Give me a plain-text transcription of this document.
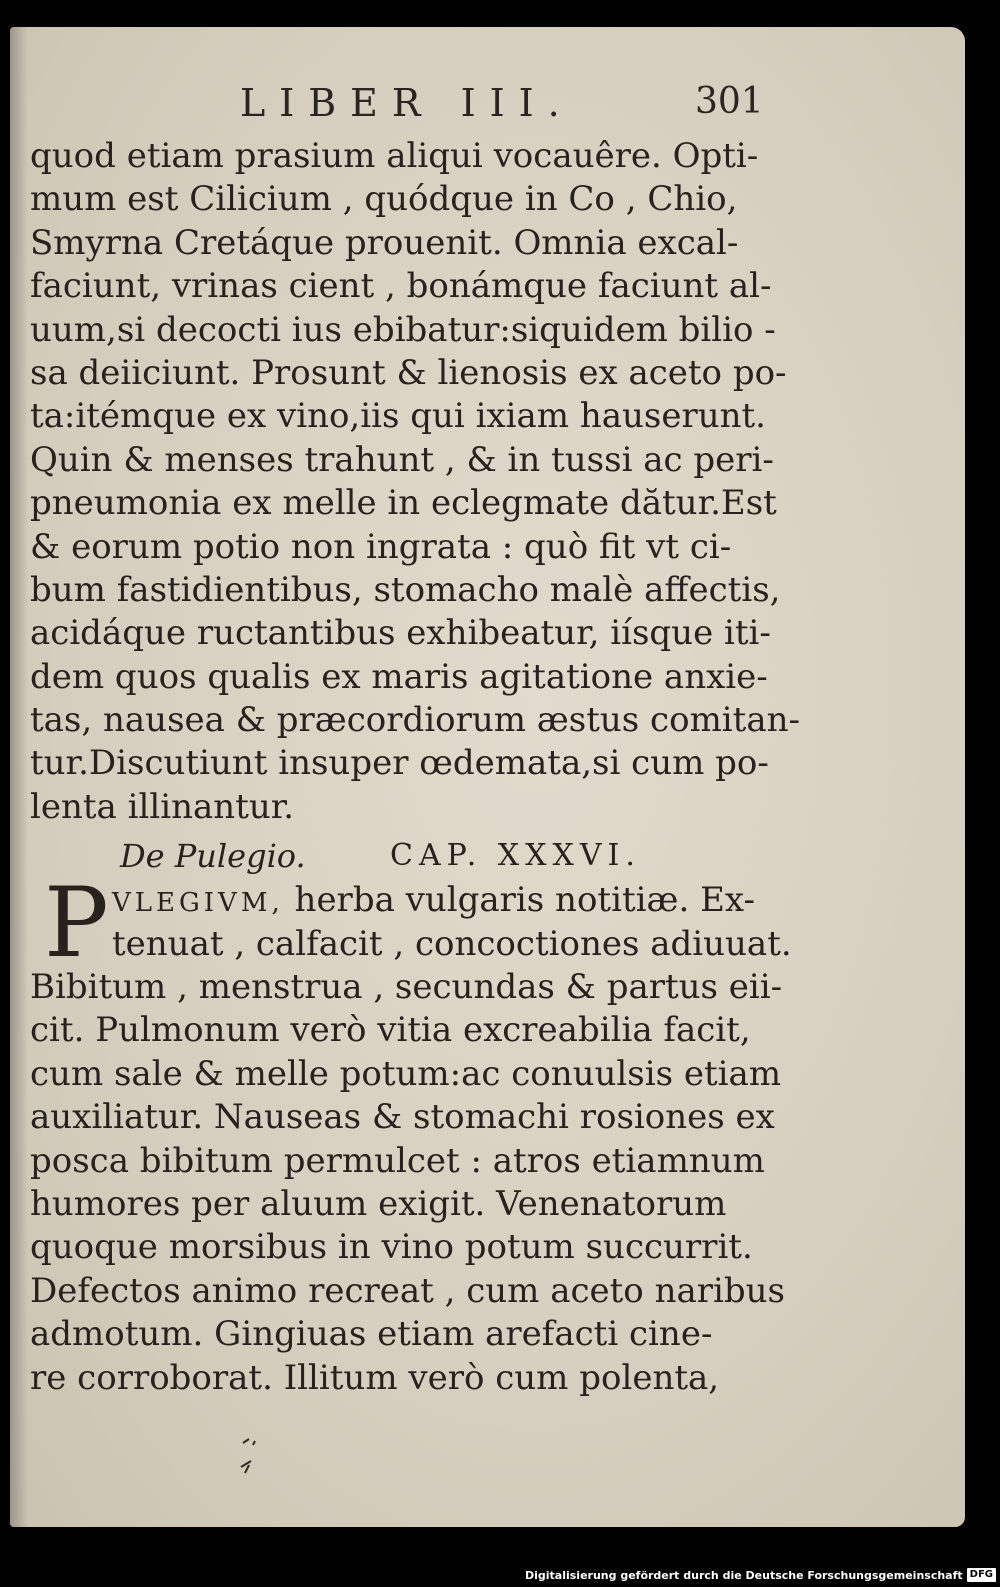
LIBER III.	301
quod etiam prasium aliqui vocauêre. Opti-
mum est Cilicium , quódque in Co , Chio,
Smyrna Cretáque prouenit. Omnia excal-
faciunt, vrinas cient , bonámque faciunt al-
uum,si decocti ius ebibatur:siquidem bilio -
sa deiiciunt. Prosunt & lienosis ex aceto po-
ta:itémque ex vino,iis qui ixiam hauserunt.
Quin & menses trahunt , & in tussi ac peri-
pneumonia ex melle in eclegmate dătur.Est
& eorum potio non ingrata : quò fit vt ci-
bum fastidientibus, stomacho malè affectis,
acidáque ructantibus exhibeatur, iísque iti-
dem quos qualis ex maris agitatione anxie-
tas, nausea & præcordiorum æstus comitan-
tur.Discutiunt insuper œdemata,si cum po-
lenta illinantur.
De Pulegio.	CAP. XXXVI.
P VLEGIVM, herba vulgaris notitiæ. Ex-
tenuat , calfacit , concoctiones adiuuat.
Bibitum , menstrua , secundas & partus eii-
cit. Pulmonum verò vitia excreabilia facit,
cum sale & melle potum:ac conuulsis etiam
auxiliatur. Nauseas & stomachi rosiones ex
posca bibitum permulcet : atros etiamnum
humores per aluum exigit. Venenatorum
quoque morsibus in vino potum succurrit.
Defectos animo recreat , cum aceto naribus
admotum. Gingiuas etiam arefacti cine-
re corroborat. Illitum verò cum polenta,
Digitalisierung gefördert durch die Deutsche Forschungsgemeinschaft DFG
